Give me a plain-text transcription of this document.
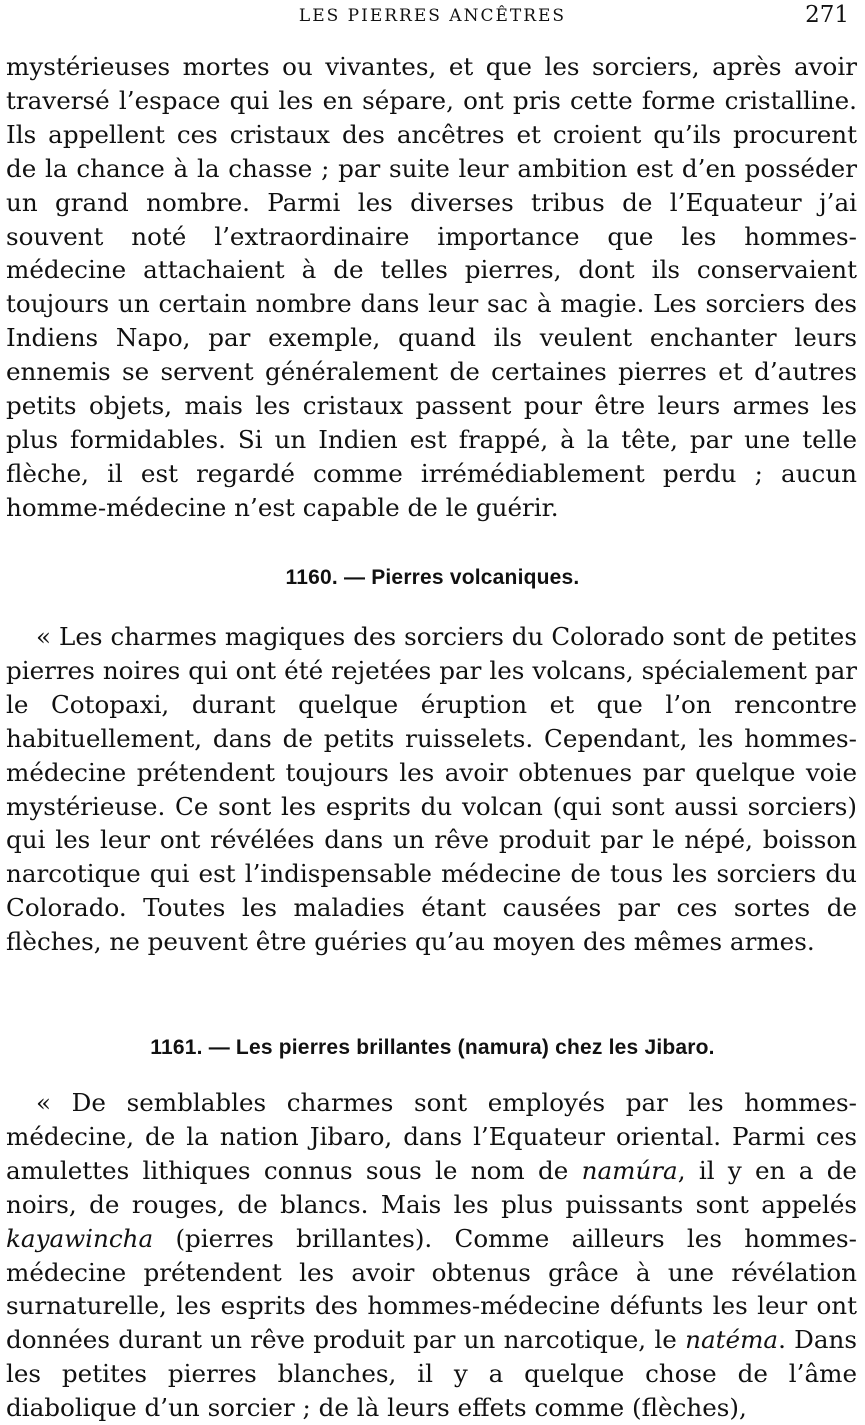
LES PIERRES ANCÊTRES	271

mystérieuses mortes ou vivantes, et que les sorciers, après avoir traversé l’espace qui les en sépare, ont pris cette forme cristalline. Ils appellent ces cristaux des ancêtres et croient qu’ils procurent de la chance à la chasse ; par suite leur ambition est d’en posséder un grand nombre. Parmi les diverses tribus de l’Equateur j’ai souvent noté l’extraordinaire importance que les hommes-médecine attachaient à de telles pierres, dont ils conservaient toujours un certain nombre dans leur sac à magie. Les sorciers des Indiens Napo, par exemple, quand ils veulent enchanter leurs ennemis se servent généralement de certaines pierres et d’autres petits objets, mais les cristaux passent pour être leurs armes les plus formidables. Si un Indien est frappé, à la tête, par une telle flèche, il est regardé comme irrémédiablement perdu ; aucun homme-médecine n’est capable de le guérir.

1160. — Pierres volcaniques.

« Les charmes magiques des sorciers du Colorado sont de petites pierres noires qui ont été rejetées par les volcans, spécialement par le Cotopaxi, durant quelque éruption et que l’on rencontre habituellement, dans de petits ruisselets. Cependant, les hommes-médecine prétendent toujours les avoir obtenues par quelque voie mystérieuse. Ce sont les esprits du volcan (qui sont aussi sorciers) qui les leur ont révélées dans un rêve produit par le népé, boisson narcotique qui est l’indispensable médecine de tous les sorciers du Colorado. Toutes les maladies étant causées par ces sortes de flèches, ne peuvent être guéries qu’au moyen des mêmes armes.

1161. — Les pierres brillantes (namura) chez les Jibaro.

« De semblables charmes sont employés par les hommes-médecine, de la nation Jibaro, dans l’Equateur oriental. Parmi ces amulettes lithiques connus sous le nom de namúra, il y en a de noirs, de rouges, de blancs. Mais les plus puissants sont appelés kayawincha (pierres brillantes). Comme ailleurs les hommes-médecine prétendent les avoir obtenus grâce à une révélation surnaturelle, les esprits des hommes-médecine défunts les leur ont données durant un rêve produit par un narcotique, le natéma. Dans les petites pierres blanches, il y a quelque chose de l’âme diabolique d’un sorcier ; de là leurs effets comme (flèches),
